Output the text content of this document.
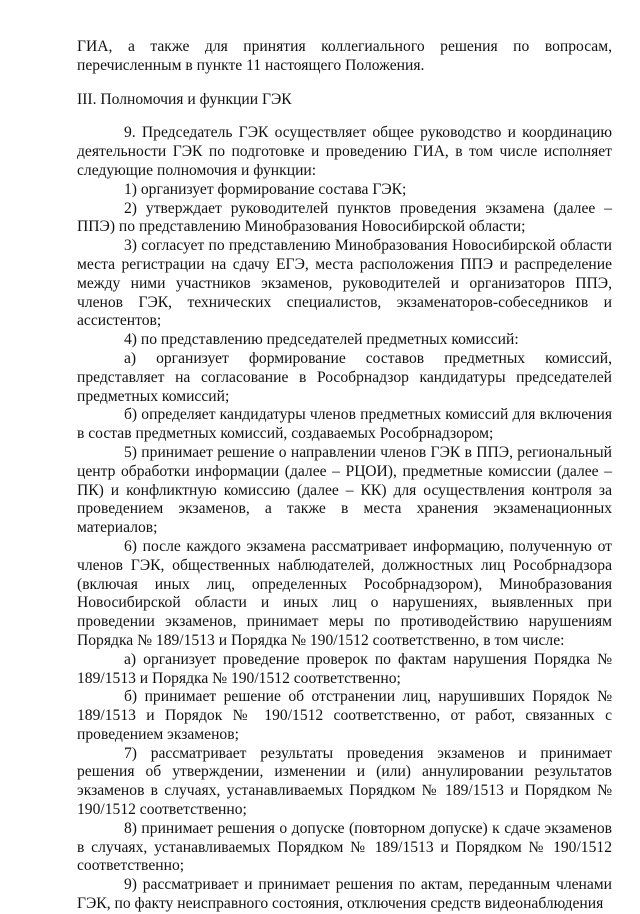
ГИА, а также для принятия коллегиального решения по вопросам, перечисленным в пункте 11 настоящего Положения.

III. Полномочия и функции ГЭК

9. Председатель ГЭК осуществляет общее руководство и координацию деятельности ГЭК по подготовке и проведению ГИА, в том числе исполняет следующие полномочия и функции:

1) организует формирование состава ГЭК;

2) утверждает руководителей пунктов проведения экзамена (далее – ППЭ) по представлению Минобразования Новосибирской области;

3) согласует по представлению Минобразования Новосибирской области места регистрации на сдачу ЕГЭ, места расположения ППЭ и распределение между ними участников экзаменов, руководителей и организаторов ППЭ, членов ГЭК, технических специалистов, экзаменаторов-собеседников и ассистентов;

4) по представлению председателей предметных комиссий:

а) организует формирование составов предметных комиссий, представляет на согласование в Рособрнадзор кандидатуры председателей предметных комиссий;

б) определяет кандидатуры членов предметных комиссий для включения в состав предметных комиссий, создаваемых Рособрнадзором;

5) принимает решение о направлении членов ГЭК в ППЭ, региональный центр обработки информации (далее – РЦОИ), предметные комиссии (далее – ПК) и конфликтную комиссию (далее – КК) для осуществления контроля за проведением экзаменов, а также в места хранения экзаменационных материалов;

6) после каждого экзамена рассматривает информацию, полученную от членов ГЭК, общественных наблюдателей, должностных лиц Рособрнадзора (включая иных лиц, определенных Рособрнадзором), Минобразования Новосибирской области и иных лиц о нарушениях, выявленных при проведении экзаменов, принимает меры по противодействию нарушениям Порядка № 189/1513 и Порядка № 190/1512 соответственно, в том числе:

а) организует проведение проверок по фактам нарушения Порядка № 189/1513 и Порядка № 190/1512 соответственно;

б) принимает решение об отстранении лиц, нарушивших Порядок № 189/1513 и Порядок № 190/1512 соответственно, от работ, связанных с проведением экзаменов;

7) рассматривает результаты проведения экзаменов и принимает решения об утверждении, изменении и (или) аннулировании результатов экзаменов в случаях, устанавливаемых Порядком № 189/1513 и Порядком № 190/1512 соответственно;

8) принимает решения о допуске (повторном допуске) к сдаче экзаменов в случаях, устанавливаемых Порядком № 189/1513 и Порядком № 190/1512 соответственно;

9) рассматривает и принимает решения по актам, переданным членами ГЭК, по факту неисправного состояния, отключения средств видеонаблюдения
